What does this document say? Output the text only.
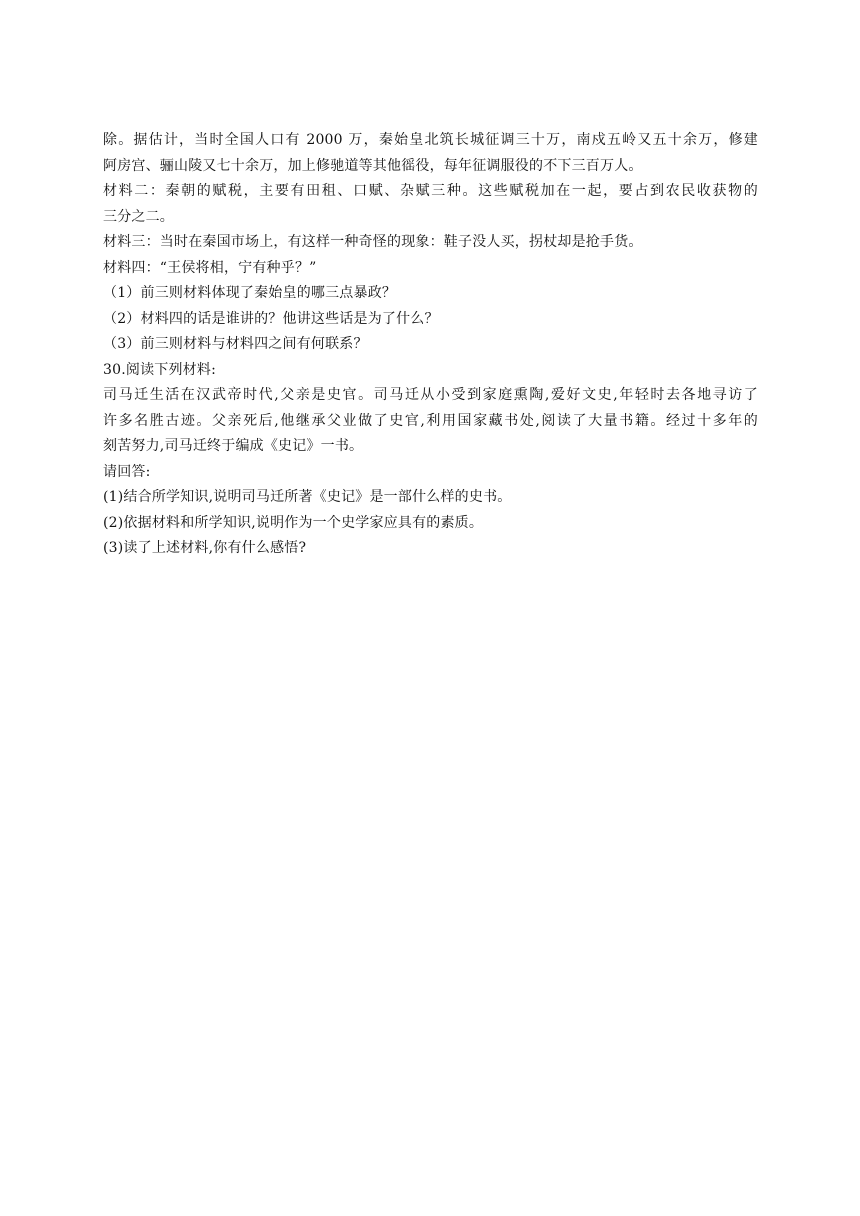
除。据估计，当时全国人口有 2000 万，秦始皇北筑长城征调三十万，南戍五岭又五十余万，修建
阿房宫、骊山陵又七十余万，加上修驰道等其他徭役，每年征调服役的不下三百万人。
材料二：秦朝的赋税，主要有田租、口赋、杂赋三种。这些赋税加在一起，要占到农民收获物的
三分之二。
材料三：当时在秦国市场上，有这样一种奇怪的现象：鞋子没人买，拐杖却是抢手货。
材料四：“王侯将相，宁有种乎？”
（1）前三则材料体现了秦始皇的哪三点暴政？
（2）材料四的话是谁讲的？他讲这些话是为了什么？
（3）前三则材料与材料四之间有何联系？
30.阅读下列材料:
司马迁生活在汉武帝时代,父亲是史官。司马迁从小受到家庭熏陶,爱好文史,年轻时去各地寻访了
许多名胜古迹。父亲死后,他继承父业做了史官,利用国家藏书处,阅读了大量书籍。经过十多年的
刻苦努力,司马迁终于编成《史记》一书。
请回答:
(1)结合所学知识,说明司马迁所著《史记》是一部什么样的史书。
(2)依据材料和所学知识,说明作为一个史学家应具有的素质。
(3)读了上述材料,你有什么感悟?
